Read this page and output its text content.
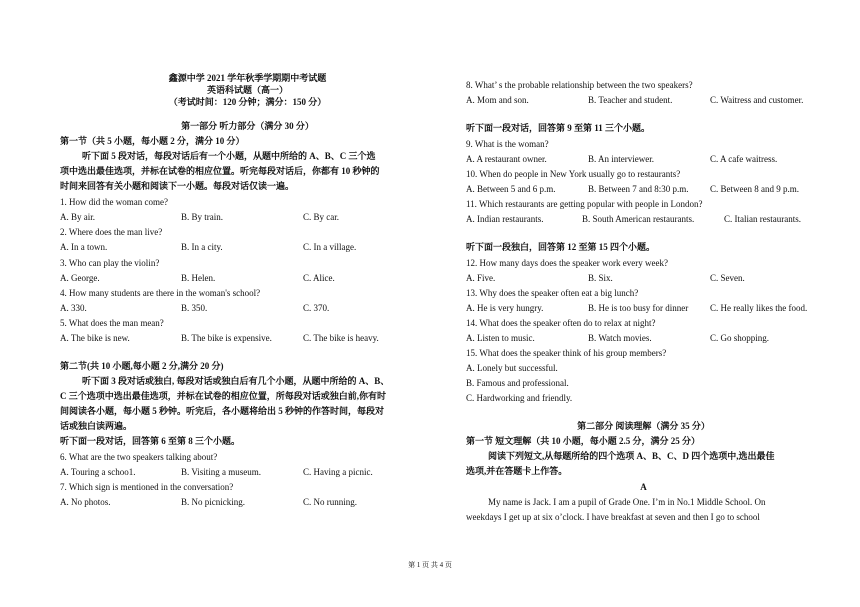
鑫源中学 2021 学年秋季学期期中考试题
英语科试题（高一）
（考试时间：120 分钟；满分：150 分）
第一部分 听力部分（满分 30 分）
第一节（共 5 小题，每小题 2 分，满分 10 分）
听下面 5 段对话，每段对话后有一个小题，从题中所给的 A、B、C 三个选
项中选出最佳选项，并标在试卷的相应位置。听完每段对话后，你都有 10 秒钟的
时间来回答有关小题和阅读下一小题。每段对话仅读一遍。
1. How did the woman come?
A. By air.	B. By train.	C. By car.
2. Where does the man live?
A. In a town.	B. In a city.	C. In a village.
3. Who can play the violin?
A. George.	B. Helen.	C. Alice.
4. How many students are there in the woman's school?
A. 330.	B. 350.	C. 370.
5. What does the man mean?
A. The bike is new.	B. The bike is expensive.	C. The bike is heavy.
第二节(共 10 小题,每小题 2 分,满分 20 分)
听下面 3 段对话或独白, 每段对话或独白后有几个小题，从题中所给的 A、B、
C 三个选项中选出最佳选项，并标在试卷的相应位置，所每段对话或独白前,你有时
间阅读各小题，每小题 5 秒钟。听完后，各小题将给出 5 秒钟的作答时间，每段对
话或独白读两遍。
听下面一段对话，回答第 6 至第 8 三个小题。
6. What are the two speakers talking about?
A. Touring a schoo1.	B. Visiting a museum.	C. Having a picnic.
7. Which sign is mentioned in the conversation?
A. No photos.	B. No picnicking.	C. No running.
8. What’ s the probable relationship between the two speakers?
A. Mom and son.	B. Teacher and student.	C. Waitress and customer.
听下面一段对话，回答第 9 至第 11 三个小题。
9. What is the woman?
A. A restaurant owner.	B. An interviewer.	C. A cafe waitress.
10. When do people in New York usually go to restaurants?
A. Between 5 and 6 p.m.	B. Between 7 and 8:30 p.m. C. Between 8 and 9 p.m.
11. Which restaurants are getting popular with people in London?
A. Indian restaurants.	B. South American restaurants.	C. Italian restaurants.
听下面一段独白，回答第 12 至第 15 四个小题。
12. How many days does the speaker work every week?
A. Five.	B. Six.	C. Seven.
13. Why does the speaker often eat a big lunch?
A. He is very hungry.	B. He is too busy for dinner C. He really likes the food.
14. What does the speaker often do to relax at night?
A. Listen to music.	B. Watch movies.	C. Go shopping.
15. What does the speaker think of his group members?
A. Lonely but successful.
B. Famous and professional.
C. Hardworking and friendly.
第二部分 阅读理解（满分 35 分）
第一节 短文理解（共 10 小题，每小题 2.5 分，满分 25 分）
阅读下列短文,从每题所给的四个选项 A、B、C、D 四个选项中,选出最佳
选项,并在答题卡上作答。
A
My name is Jack. I am a pupil of Grade One. I’m in No.1 Middle School. On
weekdays I get up at six o’clock. I have breakfast at seven and then I go to school
第 1 页 共 4 页
